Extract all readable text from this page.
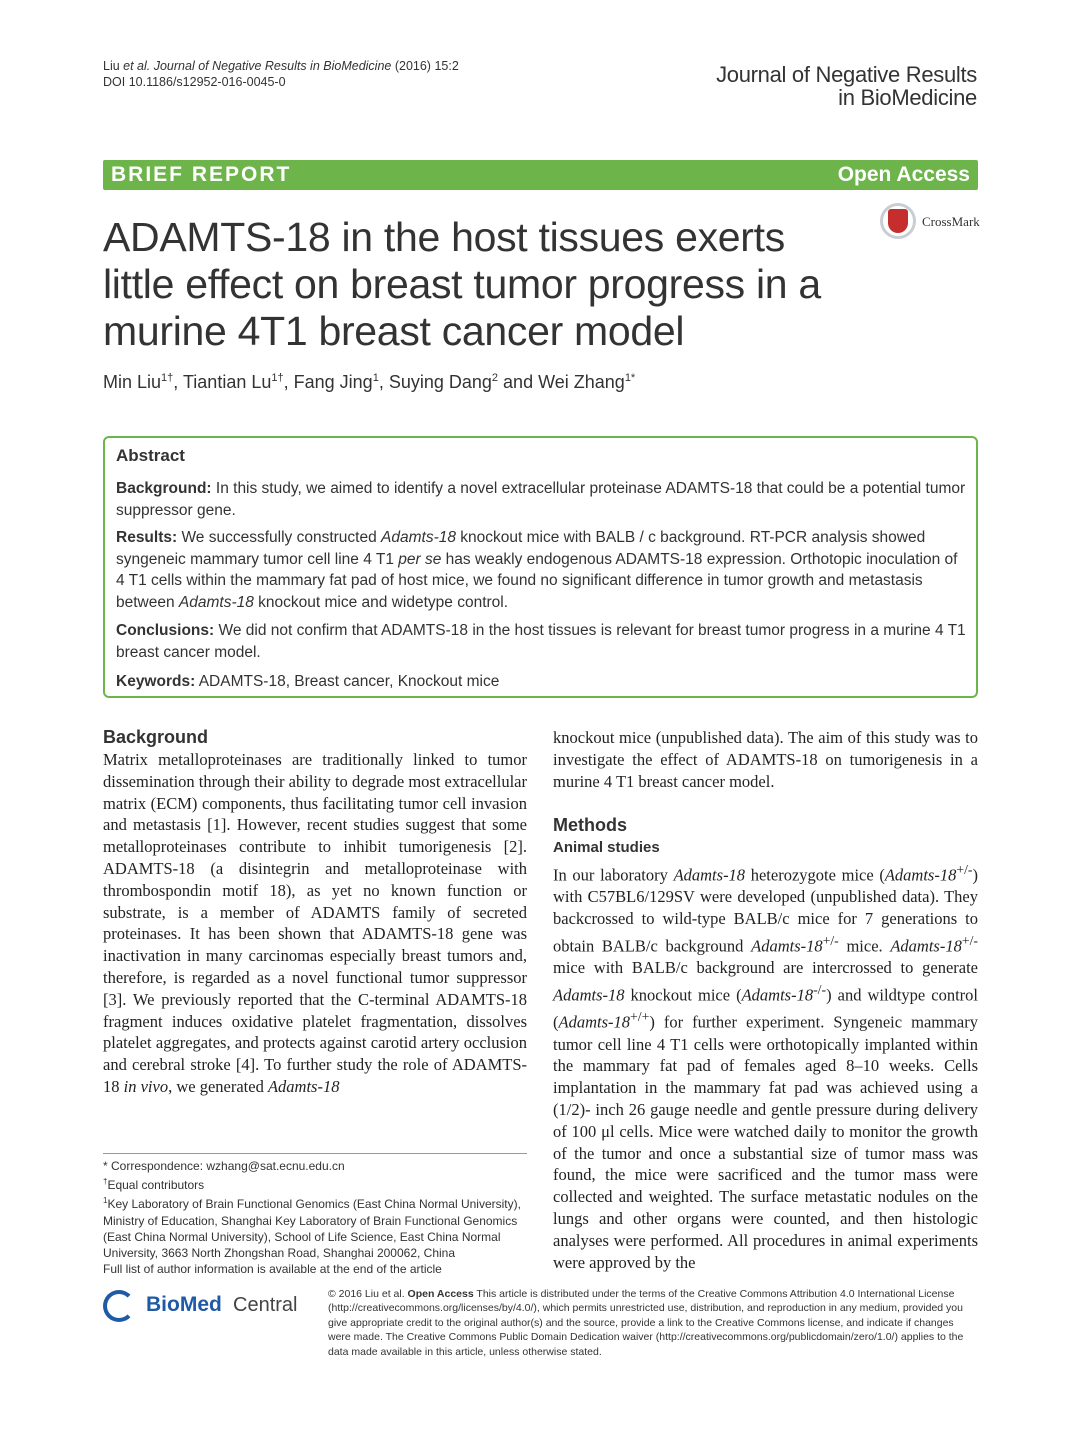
Liu et al. Journal of Negative Results in BioMedicine (2016) 15:2
DOI 10.1186/s12952-016-0045-0	Journal of Negative Results
in BioMedicine
BRIEF REPORT	Open Access
CrossMark
ADAMTS-18 in the host tissues exerts little effect on breast tumor progress in a murine 4T1 breast cancer model
Min Liu$^{1\dagger}$, Tiantian $Lu^{1\dagger}$, Fang Jing$^1$, Suying Dang$^2$ and Wei Zhang$^{1*}$
Abstract
Background: In this study, we aimed to identify a novel extracellular proteinase ADAMTS-18 that could be a potential tumor suppressor gene.
Results: We successfully constructed Adamts-18 knockout mice with BALB / c background. RT-PCR analysis showed syngeneic mammary tumor cell line 4 T1 per se has weakly endogenous ADAMTS-18 expression. Orthotopic inoculation of 4 T1 cells within the mammary fat pad of host mice, we found no significant difference in tumor growth and metastasis between Adamts-18 knockout mice and widetype control.
Conclusions: We did not confirm that ADAMTS-18 in the host tissues is relevant for breast tumor progress in a murine 4 T1 breast cancer model.
Keywords: ADAMTS-18, Breast cancer, Knockout mice
Background
Matrix metalloproteinases are traditionally linked to tumor dissemination through their ability to degrade most extracellular matrix (ECM) components, thus facilitating tumor cell invasion and metastasis [1]. However, recent studies suggest that some metalloproteinases contribute to inhibit tumorigenesis [2]. ADAMTS-18 (a disintegrin and metalloproteinase with thrombospondin motif 18), as yet no known function or substrate, is a member of ADAMTS family of secreted proteinases. It has been shown that ADAMTS-18 gene was inactivation in many carcinomas especially breast tumors and, therefore, is regarded as a novel functional tumor suppressor [3]. We previously reported that the C-terminal ADAMTS-18 fragment induces oxidative platelet fragmentation, dissolves platelet aggregates, and protects against carotid artery occlusion and cerebral stroke [4]. To further study the role of ADAMTS-18 in vivo, we generated Adamts-18
* Correspondence: wzhang@sat.ecnu.edu.cn
†Equal contributors
$^1$Key Laboratory of Brain Functional Genomics (East China Normal University), Ministry of Education, Shanghai Key Laboratory of Brain Functional Genomics (East China Normal University), School of Life Science, East China Normal University, 3663 North Zhongshan Road, Shanghai 200062, China
Full list of author information is available at the end of the article
knockout mice (unpublished data). The aim of this study was to investigate the effect of ADAMTS-18 on tumorigenesis in a murine 4 T1 breast cancer model.
Methods
Animal studies
In our laboratory Adamts-18 heterozygote mice (Adamts-18+/-) with C57BL6/129SV were developed (unpublished data). They backcrossed to wild-type BALB/c mice for 7 generations to obtain BALB/c background Adamts-18+/- mice. Adamts-18+/- mice with BALB/c background are intercrossed to generate Adamts-18 knockout mice (Adamts-18-/-) and wildtype control (Adamts-18+/+) for further experiment. Syngeneic mammary tumor cell line 4 T1 cells were orthotopically implanted within the mammary fat pad of females aged 8–10 weeks. Cells implantation in the mammary fat pad was achieved using a (1/2)- inch 26 gauge needle and gentle pressure during delivery of 100 μl cells. Mice were watched daily to monitor the growth of the tumor and once a substantial size of tumor mass was found, the mice were sacrificed and the tumor mass were collected and weighted. The surface metastatic nodules on the lungs and other organs were counted, and then histologic analyses were performed. All procedures in animal experiments were approved by the
BioMed Central	© 2016 Liu et al. Open Access This article is distributed under the terms of the Creative Commons Attribution 4.0 International License (http://creativecommons.org/licenses/by/4.0/), which permits unrestricted use, distribution, and reproduction in any medium, provided you give appropriate credit to the original author(s) and the source, provide a link to the Creative Commons license, and indicate if changes were made. The Creative Commons Public Domain Dedication waiver (http://creativecommons.org/publicdomain/zero/1.0/) applies to the data made available in this article, unless otherwise stated.
